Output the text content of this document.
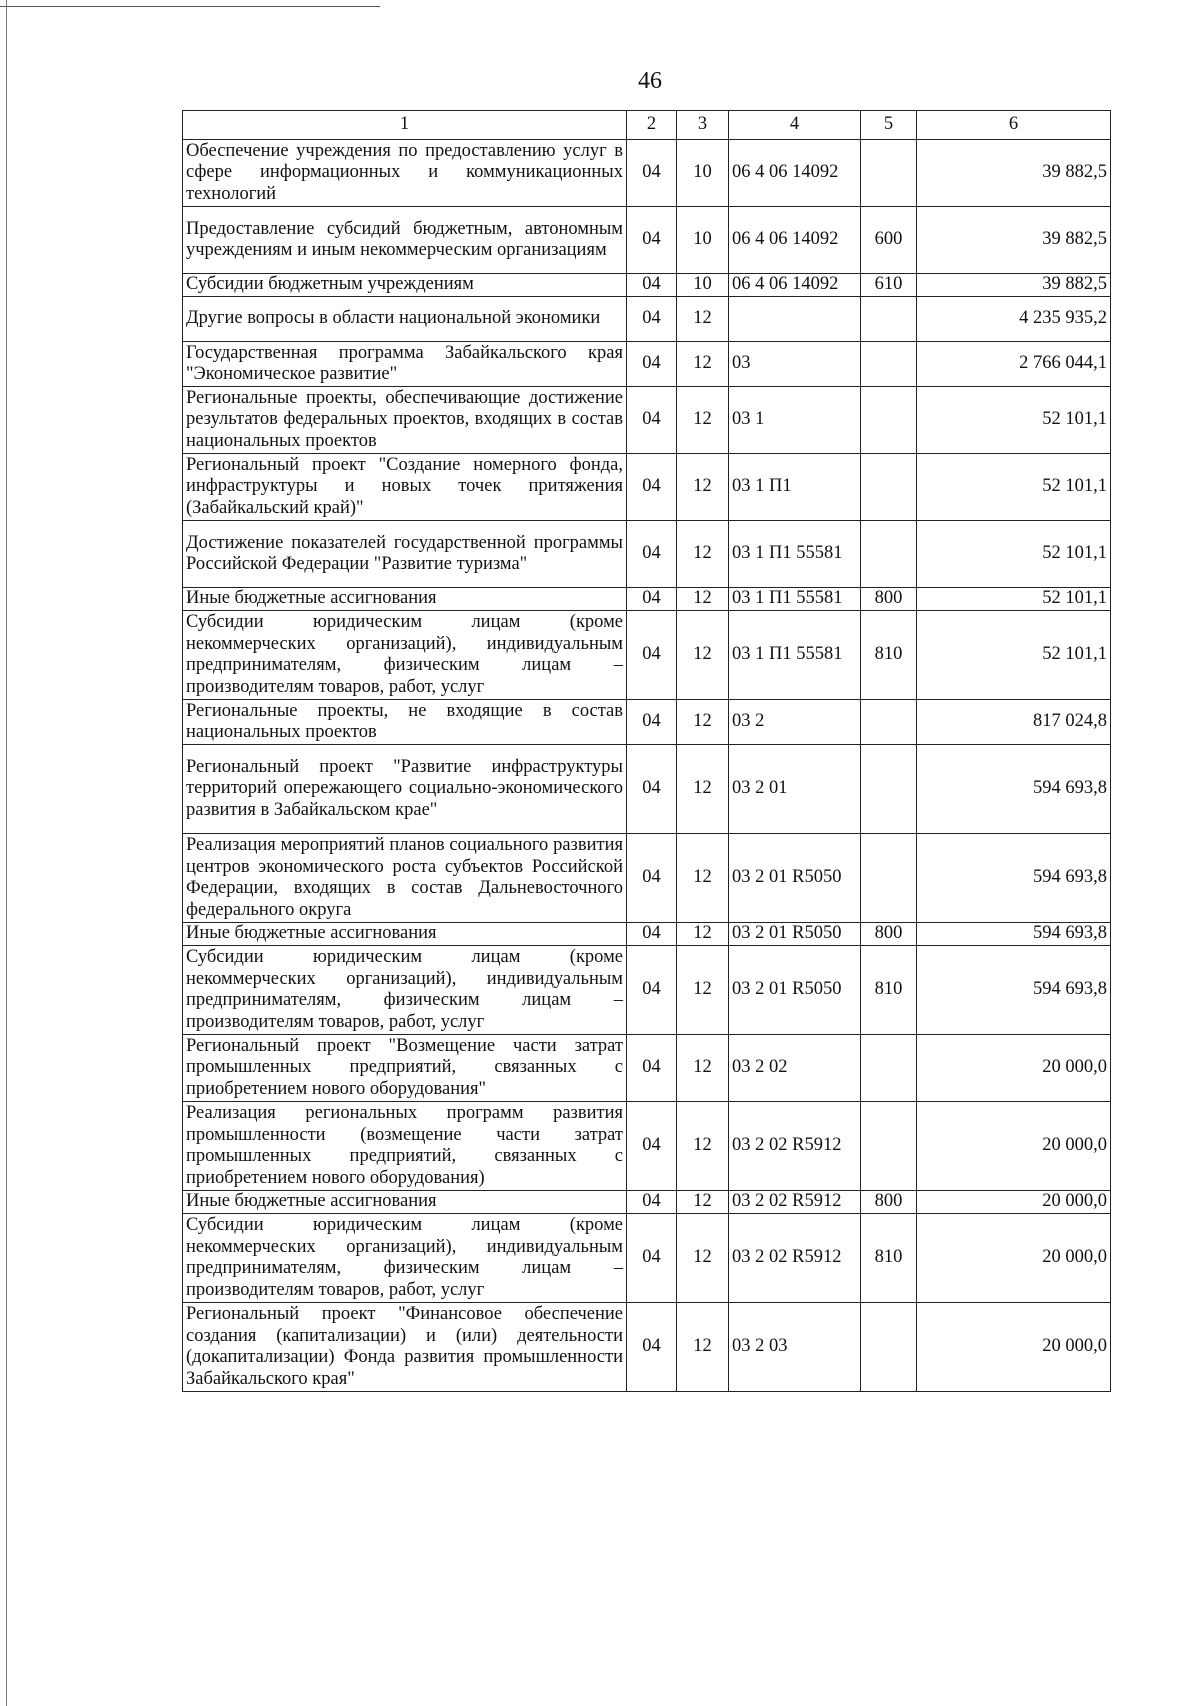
46
1	2	3	4	5	6
Обеспечение учреждения по предоставлению услуг в сфере информационных и коммуникационных технологий	04	10	06 4 06 14092		39 882,5
Предоставление субсидий бюджетным, автономным учреждениям и иным некоммерческим организациям	04	10	06 4 06 14092	600	39 882,5
Субсидии бюджетным учреждениям	04	10	06 4 06 14092	610	39 882,5
Другие вопросы в области национальной экономики	04	12			4 235 935,2
Государственная программа Забайкальского края "Экономическое развитие"	04	12	03		2 766 044,1
Региональные проекты, обеспечивающие достижение результатов федеральных проектов, входящих в состав национальных проектов	04	12	03 1		52 101,1
Региональный проект "Создание номерного фонда, инфраструктуры и новых точек притяжения (Забайкальский край)"	04	12	03 1 П1		52 101,1
Достижение показателей государственной программы Российской Федерации "Развитие туризма"	04	12	03 1 П1 55581		52 101,1
Иные бюджетные ассигнования	04	12	03 1 П1 55581	800	52 101,1
Субсидии юридическим лицам (кроме некоммерческих организаций), индивидуальным предпринимателям, физическим лицам – производителям товаров, работ, услуг	04	12	03 1 П1 55581	810	52 101,1
Региональные проекты, не входящие в состав национальных проектов	04	12	03 2		817 024,8
Региональный проект "Развитие инфраструктуры территорий опережающего социально-экономического развития в Забайкальском крае"	04	12	03 2 01		594 693,8
Реализация мероприятий планов социального развития центров экономического роста субъектов Российской Федерации, входящих в состав Дальневосточного федерального округа	04	12	03 2 01 R5050		594 693,8
Иные бюджетные ассигнования	04	12	03 2 01 R5050	800	594 693,8
Субсидии юридическим лицам (кроме некоммерческих организаций), индивидуальным предпринимателям, физическим лицам – производителям товаров, работ, услуг	04	12	03 2 01 R5050	810	594 693,8
Региональный проект "Возмещение части затрат промышленных предприятий, связанных с приобретением нового оборудования"	04	12	03 2 02		20 000,0
Реализация региональных программ развития промышленности (возмещение части затрат промышленных предприятий, связанных с приобретением нового оборудования)	04	12	03 2 02 R5912		20 000,0
Иные бюджетные ассигнования	04	12	03 2 02 R5912	800	20 000,0
Субсидии юридическим лицам (кроме некоммерческих организаций), индивидуальным предпринимателям, физическим лицам – производителям товаров, работ, услуг	04	12	03 2 02 R5912	810	20 000,0
Региональный проект "Финансовое обеспечение создания (капитализации) и (или) деятельности (докапитализации) Фонда развития промышленности Забайкальского края"	04	12	03 2 03		20 000,0
